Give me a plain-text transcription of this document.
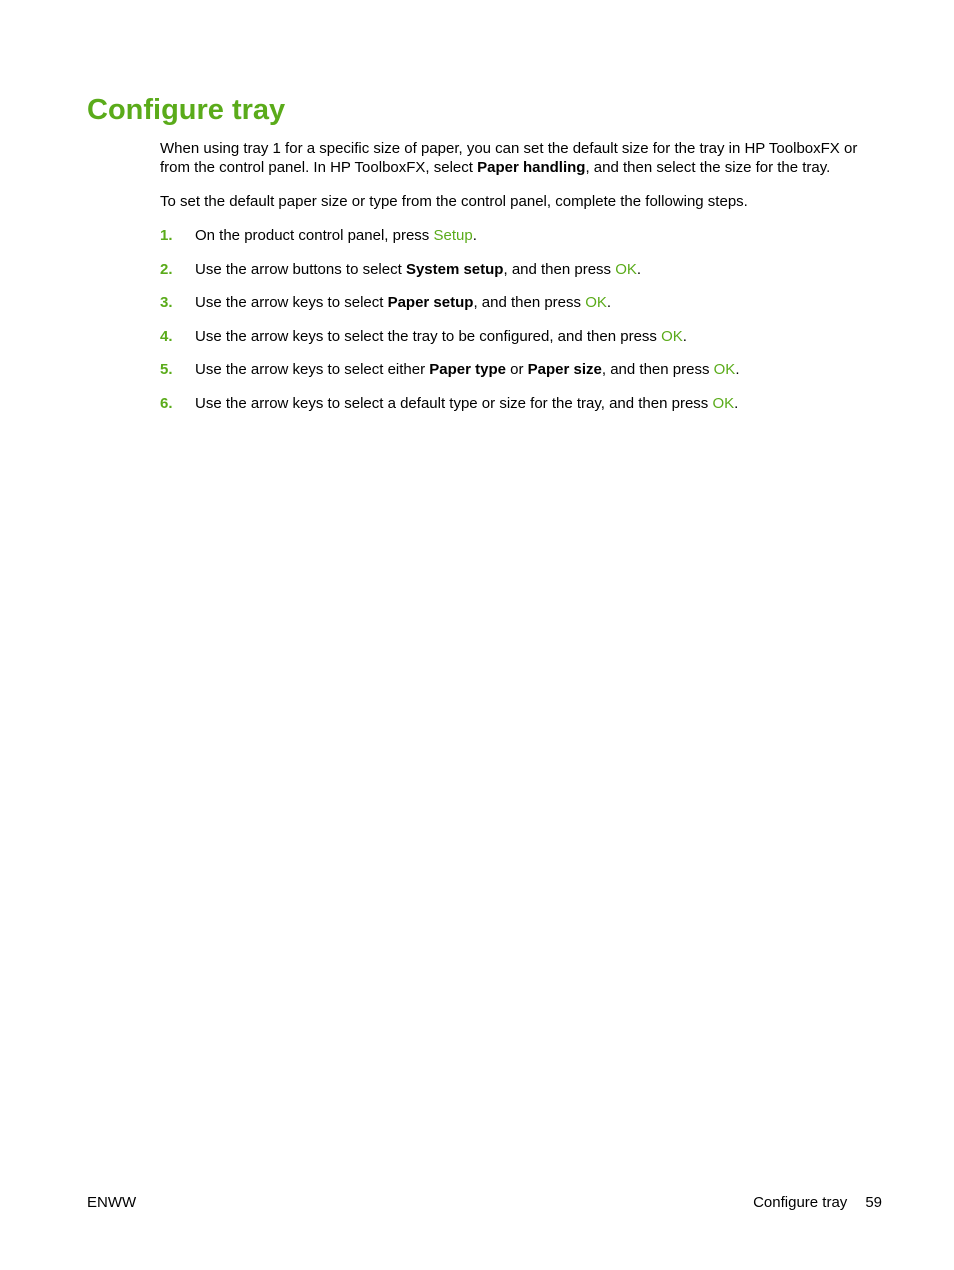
Configure tray

When using tray 1 for a specific size of paper, you can set the default size for the tray in HP ToolboxFX or from the control panel. In HP ToolboxFX, select Paper handling, and then select the size for the tray.

To set the default paper size or type from the control panel, complete the following steps.

1. On the product control panel, press Setup.
2. Use the arrow buttons to select System setup, and then press OK.
3. Use the arrow keys to select Paper setup, and then press OK.
4. Use the arrow keys to select the tray to be configured, and then press OK.
5. Use the arrow keys to select either Paper type or Paper size, and then press OK.
6. Use the arrow keys to select a default type or size for the tray, and then press OK.
ENWW	Configure tray 59
